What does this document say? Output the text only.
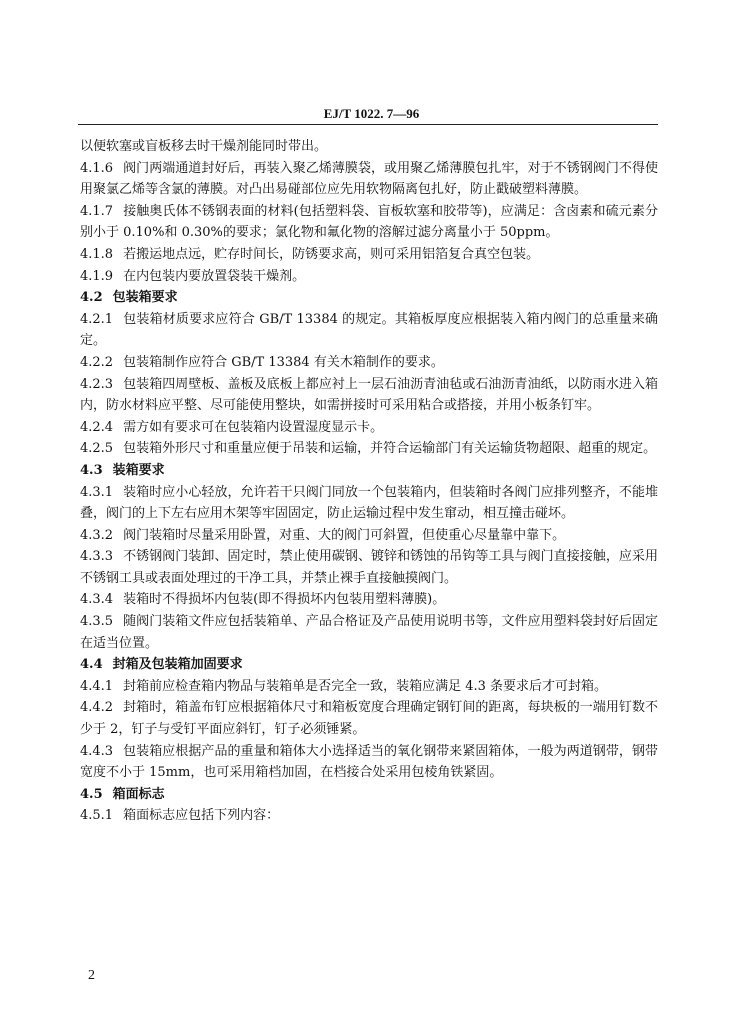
EJ/T 1022. 7—96

以便软塞或盲板移去时干燥剂能同时带出。

4.1.6 阀门两端通道封好后，再装入聚乙烯薄膜袋，或用聚乙烯薄膜包扎牢，对于不锈钢阀门不得使用聚氯乙烯等含氯的薄膜。对凸出易碰部位应先用软物隔离包扎好，防止戳破塑料薄膜。

4.1.7 接触奥氏体不锈钢表面的材料(包括塑料袋、盲板软塞和胶带等)，应满足：含卤素和硫元素分别小于 0.10%和 0.30%的要求；氯化物和氟化物的溶解过滤分离量小于 50ppm。

4.1.8 若搬运地点远，贮存时间长，防锈要求高，则可采用铝箔复合真空包装。

4.1.9 在内包装内要放置袋装干燥剂。

4.2 包装箱要求

4.2.1 包装箱材质要求应符合 GB/T 13384 的规定。其箱板厚度应根据装入箱内阀门的总重量来确定。

4.2.2 包装箱制作应符合 GB/T 13384 有关木箱制作的要求。

4.2.3 包装箱四周壁板、盖板及底板上都应衬上一层石油沥青油毡或石油沥青油纸，以防雨水进入箱内，防水材料应平整、尽可能使用整块，如需拼接时可采用粘合或搭接，并用小板条钉牢。

4.2.4 需方如有要求可在包装箱内设置湿度显示卡。

4.2.5 包装箱外形尺寸和重量应便于吊装和运输，并符合运输部门有关运输货物超限、超重的规定。

4.3 装箱要求

4.3.1 装箱时应小心轻放，允许若干只阀门同放一个包装箱内，但装箱时各阀门应排列整齐，不能堆叠，阀门的上下左右应用木架等牢固固定，防止运输过程中发生窜动，相互撞击碰坏。

4.3.2 阀门装箱时尽量采用卧置，对重、大的阀门可斜置，但使重心尽量靠中靠下。

4.3.3 不锈钢阀门装卸、固定时，禁止使用碳钢、镀锌和锈蚀的吊钩等工具与阀门直接接触，应采用不锈钢工具或表面处理过的干净工具，并禁止裸手直接触摸阀门。

4.3.4 装箱时不得损坏内包装(即不得损坏内包装用塑料薄膜)。

4.3.5 随阀门装箱文件应包括装箱单、产品合格证及产品使用说明书等，文件应用塑料袋封好后固定在适当位置。

4.4 封箱及包装箱加固要求

4.4.1 封箱前应检查箱内物品与装箱单是否完全一致，装箱应满足 4.3 条要求后才可封箱。

4.4.2 封箱时，箱盖布钉应根据箱体尺寸和箱板宽度合理确定钢钉间的距离，每块板的一端用钉数不少于 2，钉子与受钉平面应斜钉，钉子必须锤紧。

4.4.3 包装箱应根据产品的重量和箱体大小选择适当的氧化钢带来紧固箱体，一般为两道钢带，钢带宽度不小于 15mm，也可采用箱档加固，在档接合处采用包棱角铁紧固。

4.5 箱面标志

4.5.1 箱面标志应包括下列内容：

2
